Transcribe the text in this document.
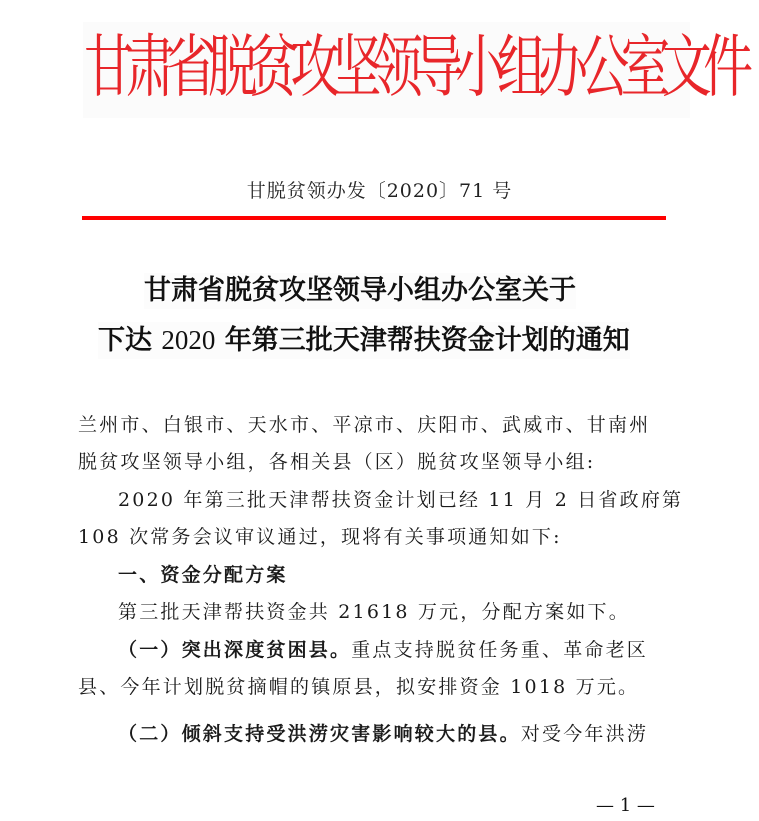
甘肃省脱贫攻坚领导小组办公室文件
甘脱贫领办发〔2020〕71 号
甘肃省脱贫攻坚领导小组办公室关于
下达 2020 年第三批天津帮扶资金计划的通知
兰州市、白银市、天水市、平凉市、庆阳市、武威市、甘南州
脱贫攻坚领导小组，各相关县（区）脱贫攻坚领导小组:
2020 年第三批天津帮扶资金计划已经 11 月 2 日省政府第
108 次常务会议审议通过，现将有关事项通知如下:
一、资金分配方案
第三批天津帮扶资金共 21618 万元，分配方案如下。
（一）突出深度贫困县。重点支持脱贫任务重、革命老区
县、今年计划脱贫摘帽的镇原县，拟安排资金 1018 万元。
（二）倾斜支持受洪涝灾害影响较大的县。对受今年洪涝
— 1 —
